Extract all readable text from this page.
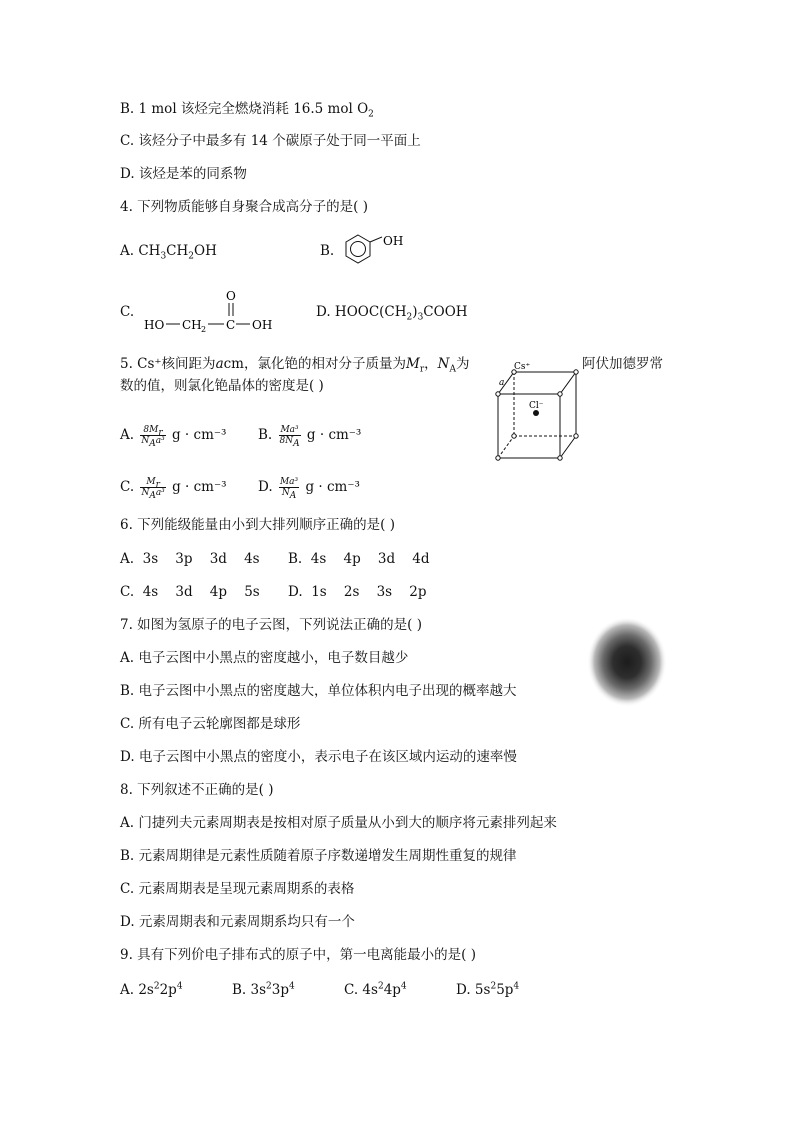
B. 1 mol 该烃完全燃烧消耗 16.5 mol $O_2$
C. 该烃分子中最多有 14 个碳原子处于同一平面上
D. 该烃是苯的同系物
4. 下列物质能够自身聚合成高分子的是( )
A. $CH_3CH_2OH$	B.
OH
C.
O
HO CH 2 C OH
D. $HOOC(CH_2)_3COOH$
5. Cs⁺核间距为acm，氯化铯的相对分子质量为$M_r$，$N_A$为	阿伏加德罗常
数的值，则氯化铯晶体的密度是( )
Cs⁺
a
Cl⁻
A. $\frac{8M_r}{N_Aa^3}$ g · cm⁻³ B. $\frac{\text{Ma³}}{8N_A}$ g · cm⁻³
C. $\frac{M_r}{N_Aa^3}$ g · cm⁻³ D. $\frac{\text{Ma³}}{N_A}$ g · cm⁻³
6. 下列能级能量由小到大排列顺序正确的是( )
A.  3s    3p    3d    4s B.  4s    4p    3d    4d
C.  4s    3d    4p    5s D.  1s    2s    3s    2p
7. 如图为氢原子的电子云图，下列说法正确的是( )
A. 电子云图中小黑点的密度越小，电子数目越少
B. 电子云图中小黑点的密度越大，单位体积内电子出现的概率越大
C. 所有电子云轮廓图都是球形
D. 电子云图中小黑点的密度小，表示电子在该区域内运动的速率慢
8. 下列叙述不正确的是( )
A. 门捷列夫元素周期表是按相对原子质量从小到大的顺序将元素排列起来
B. 元素周期律是元素性质随着原子序数递增发生周期性重复的规律
C. 元素周期表是呈现元素周期系的表格
D. 元素周期表和元素周期系均只有一个
9. 具有下列价电子排布式的原子中，第一电离能最小的是( )
A. $2s^22p^4$	B. $3s^23p^4$	C. $4s^24p^4$	D. $5s^25p^4$
